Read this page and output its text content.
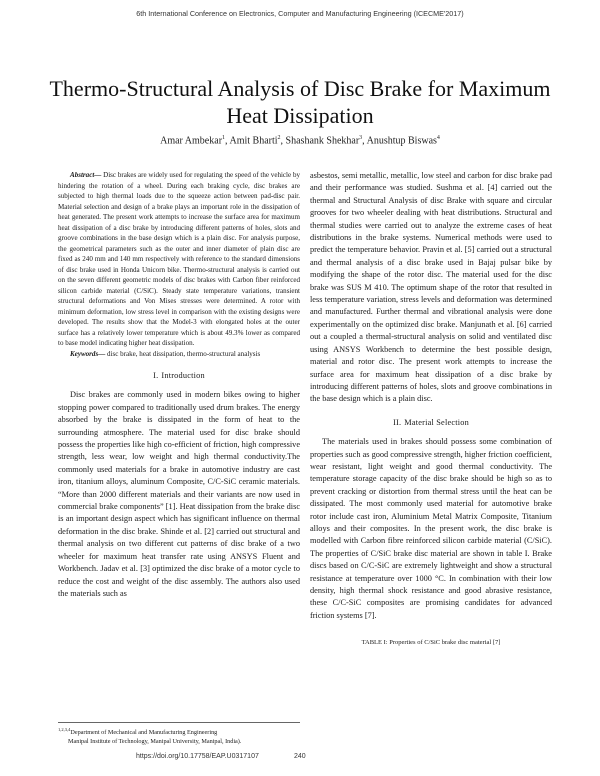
6th International Conference on Electronics, Computer and Manufacturing Engineering (ICECME'2017)
Thermo-Structural Analysis of Disc Brake for Maximum Heat Dissipation
Amar Ambekar$^1$, Amit Bharti$^2$, Shashank Shekhar$^3$, Anushtup Biswas$^4$

Abstract— Disc brakes are widely used for regulating the speed of the vehicle by hindering the rotation of a wheel. During each braking cycle, disc brakes are subjected to high thermal loads due to the squeeze action between pad-disc pair. Material selection and design of a brake plays an important role in the dissipation of heat generated. The present work attempts to increase the surface area for maximum heat dissipation of a disc brake by introducing different patterns of holes, slots and groove combinations in the base design which is a plain disc. For analysis purpose, the geometrical parameters such as the outer and inner diameter of plain disc are fixed as 240 mm and 140 mm respectively with reference to the standard dimensions of disc brake used in Honda Unicorn bike. Thermo-structural analysis is carried out on the seven different geometric models of disc brakes with Carbon fiber reinforced silicon carbide material (C/SiC). Steady state temperature variations, transient structural deformations and Von Mises stresses were determined. A rotor with minimum deformation, low stress level in comparison with the existing designs were developed. The results show that the Model-3 with elongated holes at the outer surface has a relatively lower temperature which is about 49.3% lower as compared to base model indicating higher heat dissipation.

Keywords— disc brake, heat dissipation, thermo-structural analysis

I. Introduction

Disc brakes are commonly used in modern bikes owing to higher stopping power compared to traditionally used drum brakes. The energy absorbed by the brake is dissipated in the form of heat to the surrounding atmosphere. The material used for disc brake should possess the properties like high co-efficient of friction, high compressive strength, less wear, low weight and high thermal conductivity.The commonly used materials for a brake in automotive industry are cast iron, titanium alloys, aluminum Composite, C/C-SiC ceramic materials. “More than 2000 different materials and their variants are now used in commercial brake components” [1]. Heat dissipation from the brake disc is an important design aspect which has significant influence on thermal deformation in the disc brake. Shinde et al. [2] carried out structural and thermal analysis on two different cut patterns of disc brake of a two wheeler for maximum heat transfer rate using ANSYS Fluent and Workbench. Jadav et al. [3] optimized the disc brake of a motor cycle to reduce the cost and weight of the disc assembly. The authors also used the materials such as

asbestos, semi metallic, metallic, low steel and carbon for disc brake pad and their performance was studied. Sushma et al. [4] carried out the thermal and Structural Analysis of disc Brake with square and circular grooves for two wheeler dealing with heat distributions. Structural and thermal studies were carried out to analyze the extreme cases of heat distributions in the brake systems. Numerical methods were used to predict the temperature behavior. Pravin et al. [5] carried out a structural and thermal analysis of a disc brake used in Bajaj pulsar bike by modifying the shape of the rotor disc. The material used for the disc brake was SUS M 410. The optimum shape of the rotor that resulted in less temperature variation, stress levels and deformation was determined and manufactured. Further thermal and vibrational analysis were done experimentally on the optimized disc brake. Manjunath et al. [6] carried out a coupled a thermal-structural analysis on solid and ventilated disc using ANSYS Workbench to determine the best possible design, material and rotor disc. The present work attempts to increase the surface area for maximum heat dissipation of a disc brake by introducing different patterns of holes, slots and groove combinations in the base design which is a plain disc.

II. Material Selection

The materials used in brakes should possess some combination of properties such as good compressive strength, higher friction coefficient, wear resistant, light weight and good thermal conductivity. The temperature storage capacity of the disc brake should be high so as to prevent cracking or distortion from thermal stress until the heat can be dissipated. The most commonly used material for automotive brake rotor include cast iron, Aluminium Metal Matrix Composite, Titanium alloys and their composites. In the present work, the disc brake is modelled with Carbon fibre reinforced silicon carbide material (C/SiC). The properties of C/SiC brake disc material are shown in table I. Brake discs based on C/C-SiC are extremely lightweight and show a structural resistance at temperature over 1000 °C. In combination with their low density, high thermal shock resistance and good abrasive resistance, these C/C-SiC composites are promising candidates for advanced friction systems [7].

TABLE I: Properties of C/SiC brake disc material [7]
$^{1,2,3,4}$Department of Mechanical and Manufacturing Engineering
Manipal Institute of Technology, Manipal University, Manipal, India).
https://doi.org/10.17758/EAP.U0317107	240
